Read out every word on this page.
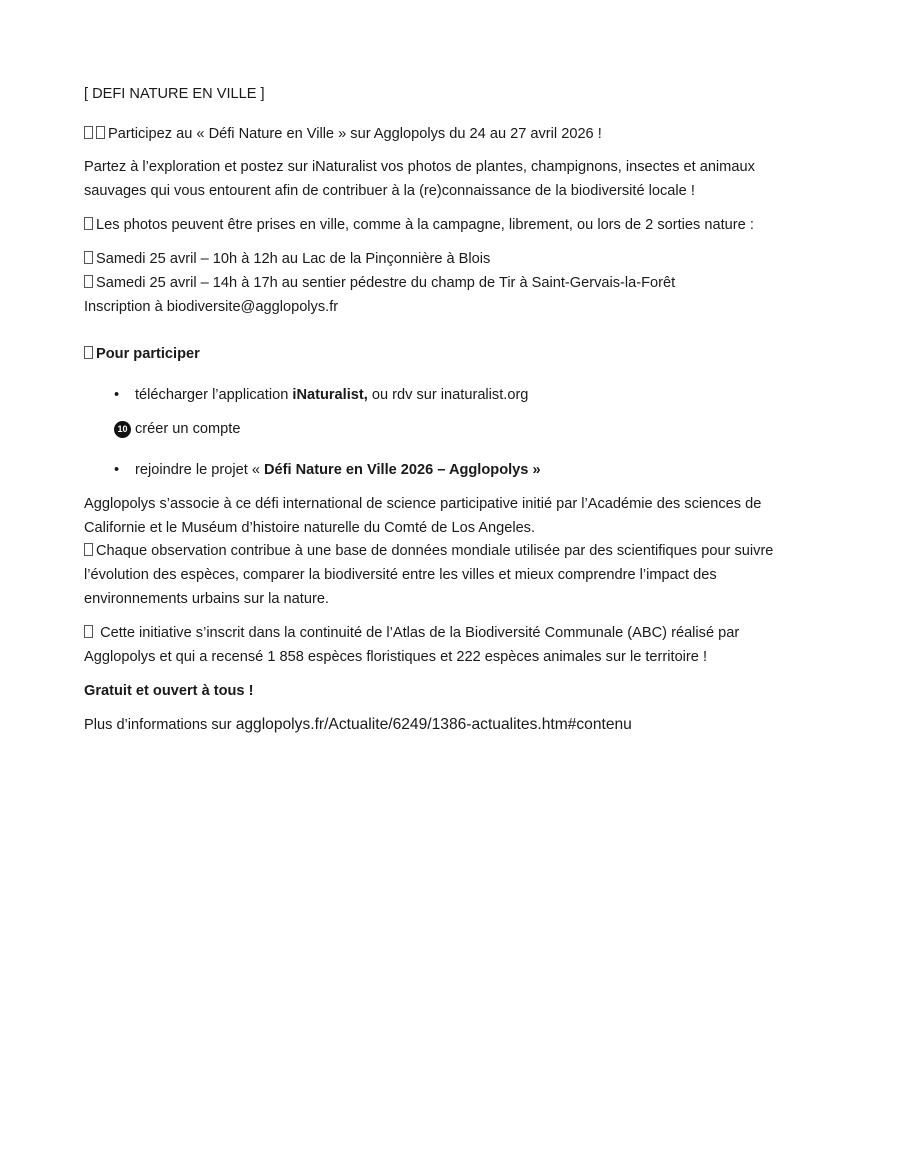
[ DEFI NATURE EN VILLE ]
Participez au « Défi Nature en Ville » sur Agglopolys du 24 au 27 avril 2026 !
Partez à l’exploration et postez sur iNaturalist vos photos de plantes, champignons, insectes et animaux
sauvages qui vous entourent afin de contribuer à la (re)connaissance de la biodiversité locale !
Les photos peuvent être prises en ville, comme à la campagne, librement, ou lors de 2 sorties nature :
Samedi 25 avril – 10h à 12h au Lac de la Pinçonnière à Blois
Samedi 25 avril – 14h à 17h au sentier pédestre du champ de Tir à Saint-Gervais-la-Forêt
Inscription à biodiversite@agglopolys.fr
Pour participer
• télécharger l’application iNaturalist, ou rdv sur inaturalist.org
10 créer un compte
• rejoindre le projet « Défi Nature en Ville 2026 – Agglopolys »
Agglopolys s’associe à ce défi international de science participative initié par l’Académie des sciences de
Californie et le Muséum d’histoire naturelle du Comté de Los Angeles.
Chaque observation contribue à une base de données mondiale utilisée par des scientifiques pour suivre
l’évolution des espèces, comparer la biodiversité entre les villes et mieux comprendre l’impact des
environnements urbains sur la nature.
Cette initiative s’inscrit dans la continuité de l’Atlas de la Biodiversité Communale (ABC) réalisé par
Agglopolys et qui a recensé 1 858 espèces floristiques et 222 espèces animales sur le territoire !
Gratuit et ouvert à tous !
Plus d’informations sur agglopolys.fr/Actualite/6249/1386-actualites.htm#contenu
